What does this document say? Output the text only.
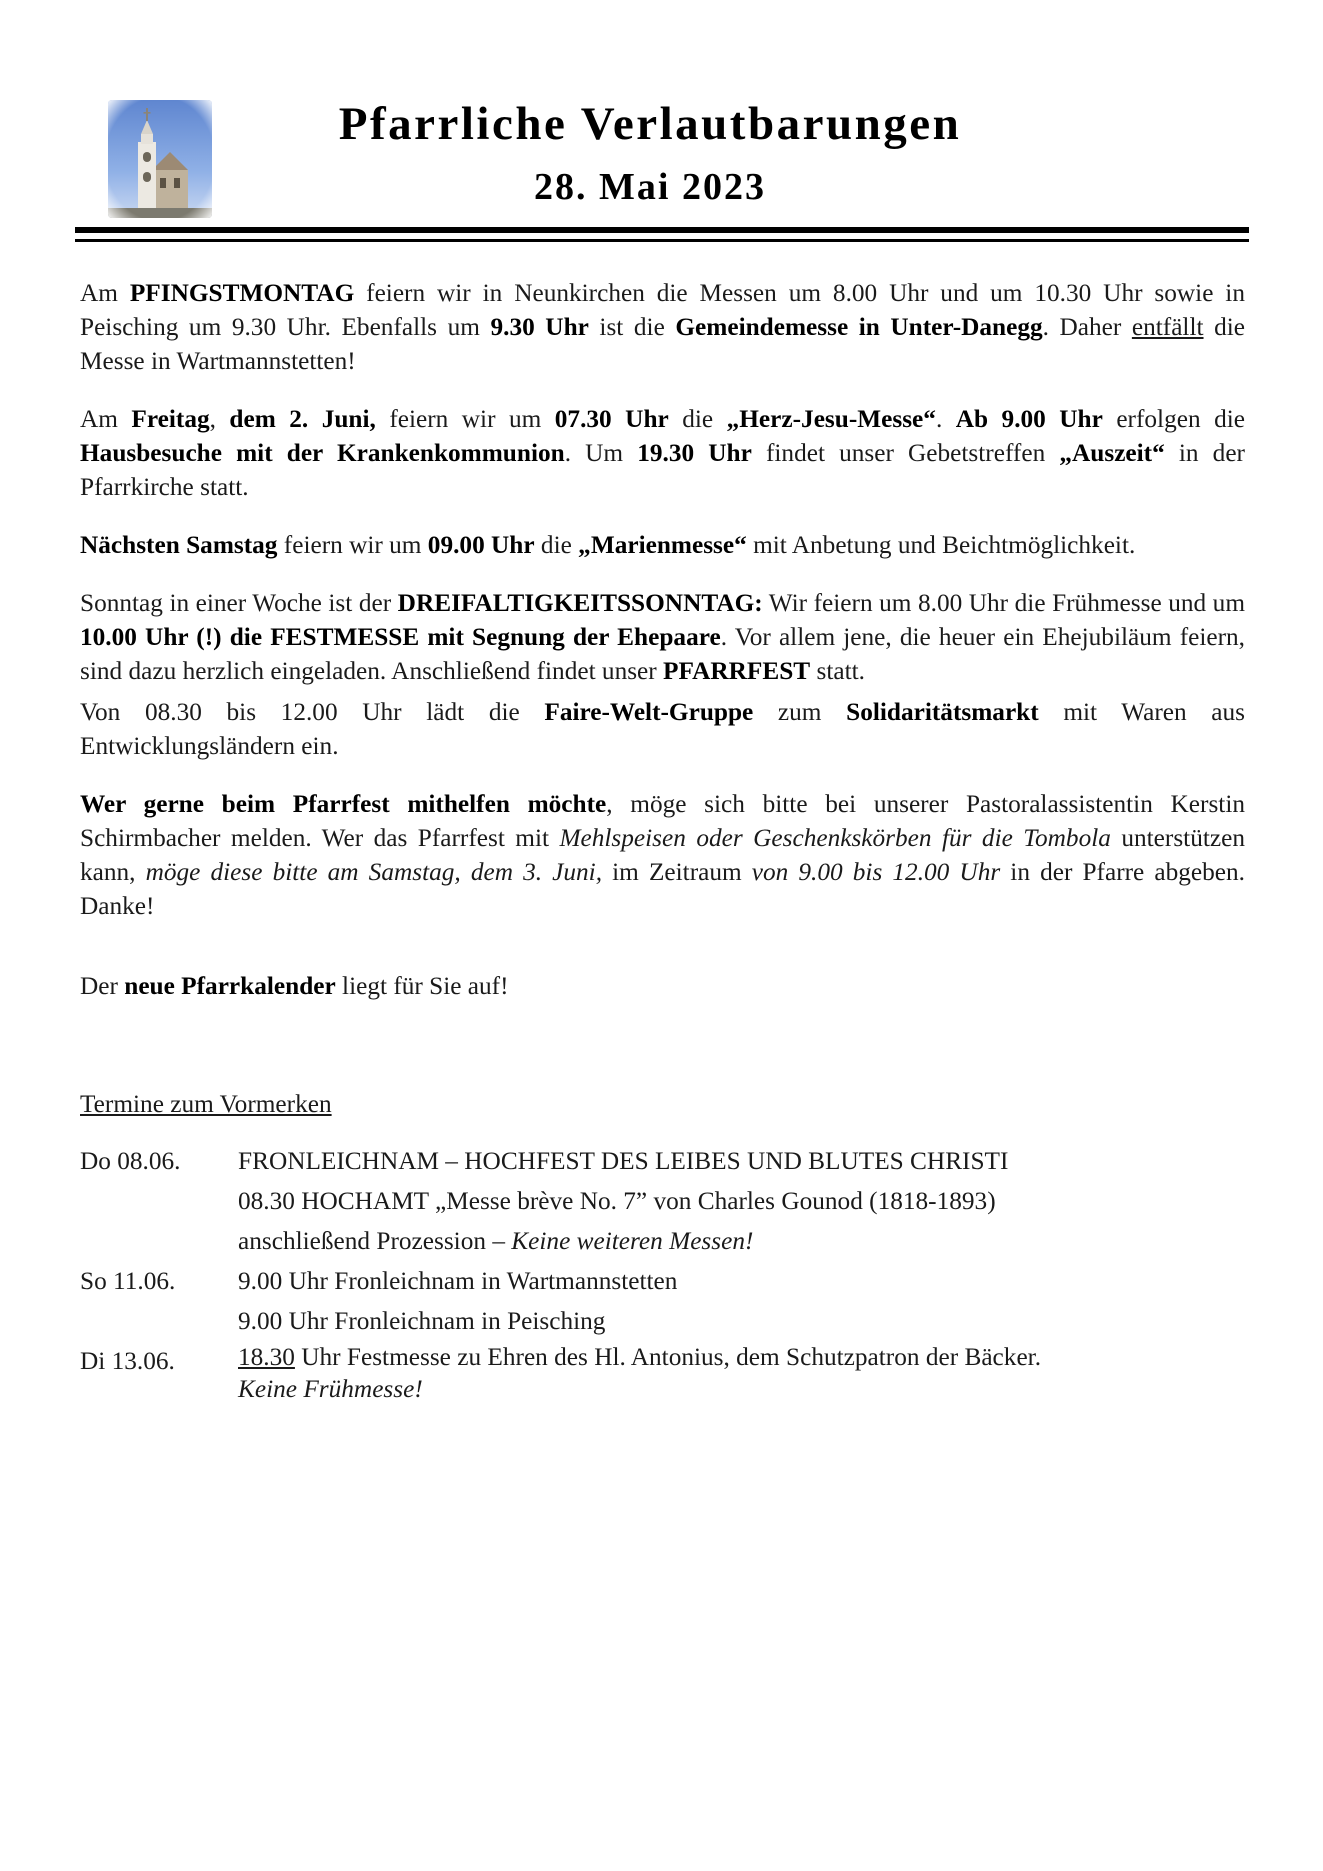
Pfarrliche Verlautbarungen
28. Mai 2023

Am PFINGSTMONTAG feiern wir in Neunkirchen die Messen um 8.00 Uhr und um 10.30 Uhr sowie in Peisching um 9.30 Uhr. Ebenfalls um 9.30 Uhr ist die Gemeindemesse in Unter-Danegg. Daher entfällt die Messe in Wartmannstetten!

Am Freitag, dem 2. Juni, feiern wir um 07.30 Uhr die „Herz-Jesu-Messe“. Ab 9.00 Uhr erfolgen die Hausbesuche mit der Krankenkommunion. Um 19.30 Uhr findet unser Gebetstreffen „Auszeit“ in der Pfarrkirche statt.

Nächsten Samstag feiern wir um 09.00 Uhr die „Marienmesse“ mit Anbetung und Beichtmöglichkeit.

Sonntag in einer Woche ist der DREIFALTIGKEITSSONNTAG: Wir feiern um 8.00 Uhr die Frühmesse und um 10.00 Uhr (!) die FESTMESSE mit Segnung der Ehepaare. Vor allem jene, die heuer ein Ehejubiläum feiern, sind dazu herzlich eingeladen. Anschließend findet unser PFARRFEST statt.

Von 08.30 bis 12.00 Uhr lädt die Faire-Welt-Gruppe zum Solidaritätsmarkt mit Waren aus Entwicklungsländern ein.

Wer gerne beim Pfarrfest mithelfen möchte, möge sich bitte bei unserer Pastoralassistentin Kerstin Schirmbacher melden. Wer das Pfarrfest mit Mehlspeisen oder Geschenkskörben für die Tombola unterstützen kann, möge diese bitte am Samstag, dem 3. Juni, im Zeitraum von 9.00 bis 12.00 Uhr in der Pfarre abgeben. Danke!

Der neue Pfarrkalender liegt für Sie auf!

Termine zum Vormerken

Do 08.06.	FRONLEICHNAM – HOCHFEST DES LEIBES UND BLUTES CHRISTI
08.30 HOCHAMT „Messe brève No. 7” von Charles Gounod (1818-1893)
anschließend Prozession – Keine weiteren Messen!
So 11.06.	9.00 Uhr Fronleichnam in Wartmannstetten
9.00 Uhr Fronleichnam in Peisching
Di 13.06.	18.30 Uhr Festmesse zu Ehren des Hl. Antonius, dem Schutzpatron der Bäcker.
Keine Frühmesse!
